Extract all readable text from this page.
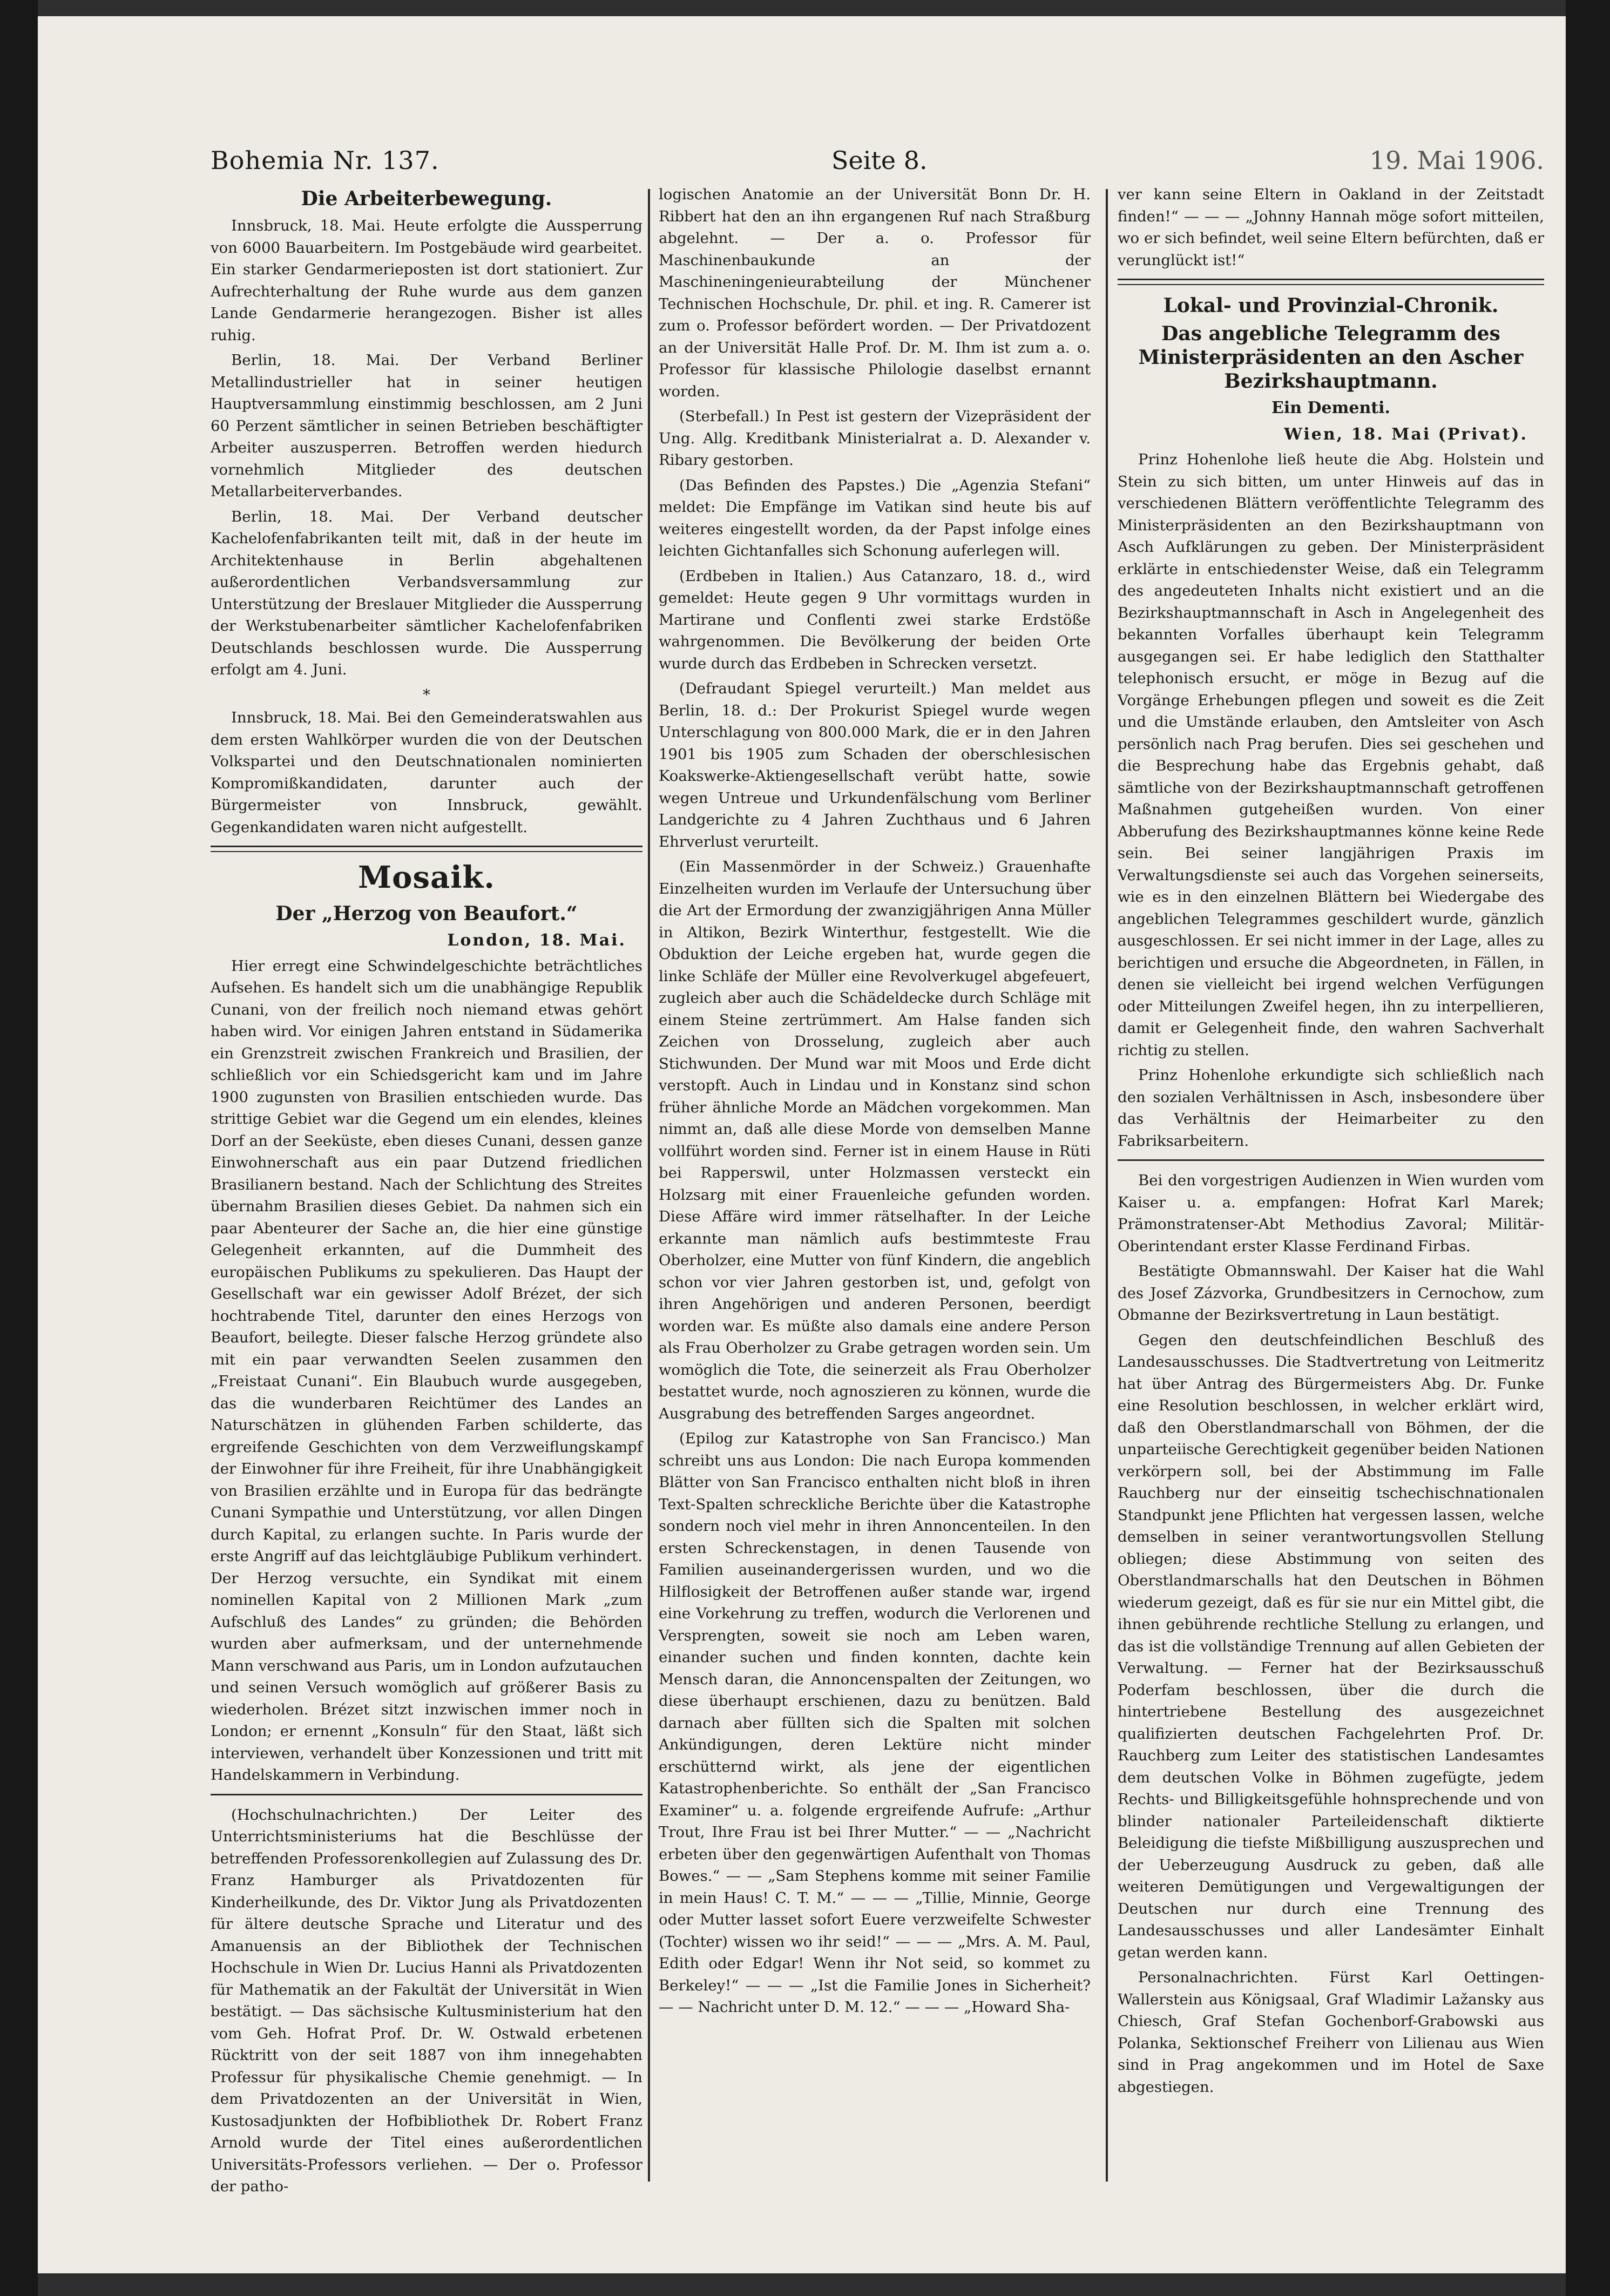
Bohemia Nr. 137.	Seite 8.	19. Mai 1906.
Die Arbeiterbewegung.

Innsbruck, 18. Mai. Heute erfolgte die Aussperrung von 6000 Bauarbeitern. Im Postgebäude wird gearbeitet. Ein starker Gendarmerieposten ist dort stationiert. Zur Aufrechterhaltung der Ruhe wurde aus dem ganzen Lande Gendarmerie herangezogen. Bisher ist alles ruhig.

Berlin, 18. Mai. Der Verband Berliner Metallindustrieller hat in seiner heutigen Hauptversammlung einstimmig beschlossen, am 2 Juni 60 Perzent sämtlicher in seinen Betrieben beschäftigter Arbeiter auszusperren. Betroffen werden hiedurch vornehmlich Mitglieder des deutschen Metallarbeiterverbandes.

Berlin, 18. Mai. Der Verband deutscher Kachelofenfabrikanten teilt mit, daß in der heute im Architektenhause in Berlin abgehaltenen außerordentlichen Verbandsversammlung zur Unterstützung der Breslauer Mitglieder die Aussperrung der Werkstubenarbeiter sämtlicher Kachelofenfabriken Deutschlands beschlossen wurde. Die Aussperrung erfolgt am 4. Juni.

*

Innsbruck, 18. Mai. Bei den Gemeinderatswahlen aus dem ersten Wahlkörper wurden die von der Deutschen Volkspartei und den Deutschnationalen nominierten Kompromißkandidaten, darunter auch der Bürgermeister von Innsbruck, gewählt. Gegenkandidaten waren nicht aufgestellt.

Mosaik.
Der „Herzog von Beaufort.“
London, 18. Mai.

Hier erregt eine Schwindelgeschichte beträchtliches Aufsehen. Es handelt sich um die unabhängige Republik Cunani, von der freilich noch niemand etwas gehört haben wird. Vor einigen Jahren entstand in Südamerika ein Grenzstreit zwischen Frankreich und Brasilien, der schließlich vor ein Schiedsgericht kam und im Jahre 1900 zugunsten von Brasilien entschieden wurde. Das strittige Gebiet war die Gegend um ein elendes, kleines Dorf an der Seeküste, eben dieses Cunani, dessen ganze Einwohnerschaft aus ein paar Dutzend friedlichen Brasilianern bestand. Nach der Schlichtung des Streites übernahm Brasilien dieses Gebiet. Da nahmen sich ein paar Abenteurer der Sache an, die hier eine günstige Gelegenheit erkannten, auf die Dummheit des europäischen Publikums zu spekulieren. Das Haupt der Gesellschaft war ein gewisser Adolf Brézet, der sich hochtrabende Titel, darunter den eines Herzogs von Beaufort, beilegte. Dieser falsche Herzog gründete also mit ein paar verwandten Seelen zusammen den „Freistaat Cunani“. Ein Blaubuch wurde ausgegeben, das die wunderbaren Reichtümer des Landes an Naturschätzen in glühenden Farben schilderte, das ergreifende Geschichten von dem Verzweiflungskampf der Einwohner für ihre Freiheit, für ihre Unabhängigkeit von Brasilien erzählte und in Europa für das bedrängte Cunani Sympathie und Unterstützung, vor allen Dingen durch Kapital, zu erlangen suchte. In Paris wurde der erste Angriff auf das leichtgläubige Publikum verhindert. Der Herzog versuchte, ein Syndikat mit einem nominellen Kapital von 2 Millionen Mark „zum Aufschluß des Landes“ zu gründen; die Behörden wurden aber aufmerksam, und der unternehmende Mann verschwand aus Paris, um in London aufzutauchen und seinen Versuch womöglich auf größerer Basis zu wiederholen. Brézet sitzt inzwischen immer noch in London; er ernennt „Konsuln“ für den Staat, läßt sich interviewen, verhandelt über Konzessionen und tritt mit Handelskammern in Verbindung.

(Hochschulnachrichten.) Der Leiter des Unterrichtsministeriums hat die Beschlüsse der betreffenden Professorenkollegien auf Zulassung des Dr. Franz Hamburger als Privatdozenten für Kinderheilkunde, des Dr. Viktor Jung als Privatdozenten für ältere deutsche Sprache und Literatur und des Amanuensis an der Bibliothek der Technischen Hochschule in Wien Dr. Lucius Hanni als Privatdozenten für Mathematik an der Fakultät der Universität in Wien bestätigt. — Das sächsische Kultusministerium hat den vom Geh. Hofrat Prof. Dr. W. Ostwald erbetenen Rücktritt von der seit 1887 von ihm innegehabten Professur für physikalische Chemie genehmigt. — In dem Privatdozenten an der Universität in Wien, Kustosadjunkten der Hofbibliothek Dr. Robert Franz Arnold wurde der Titel eines außerordentlichen Universitäts-Professors verliehen. — Der o. Professor der patho-

logischen Anatomie an der Universität Bonn Dr. H. Ribbert hat den an ihn ergangenen Ruf nach Straßburg abgelehnt. — Der a. o. Professor für Maschinenbaukunde an der Maschineningenieurabteilung der Münchener Technischen Hochschule, Dr. phil. et ing. R. Camerer ist zum o. Professor befördert worden. — Der Privatdozent an der Universität Halle Prof. Dr. M. Ihm ist zum a. o. Professor für klassische Philologie daselbst ernannt worden.

(Sterbefall.) In Pest ist gestern der Vizepräsident der Ung. Allg. Kreditbank Ministerialrat a. D. Alexander v. Ribary gestorben.

(Das Befinden des Papstes.) Die „Agenzia Stefani“ meldet: Die Empfänge im Vatikan sind heute bis auf weiteres eingestellt worden, da der Papst infolge eines leichten Gichtanfalles sich Schonung auferlegen will.

(Erdbeben in Italien.) Aus Catanzaro, 18. d., wird gemeldet: Heute gegen 9 Uhr vormittags wurden in Martirane und Conflenti zwei starke Erdstöße wahrgenommen. Die Bevölkerung der beiden Orte wurde durch das Erdbeben in Schrecken versetzt.

(Defraudant Spiegel verurteilt.) Man meldet aus Berlin, 18. d.: Der Prokurist Spiegel wurde wegen Unterschlagung von 800.000 Mark, die er in den Jahren 1901 bis 1905 zum Schaden der oberschlesischen Koakswerke-Aktiengesellschaft verübt hatte, sowie wegen Untreue und Urkundenfälschung vom Berliner Landgerichte zu 4 Jahren Zuchthaus und 6 Jahren Ehrverlust verurteilt.

(Ein Massenmörder in der Schweiz.) Grauenhafte Einzelheiten wurden im Verlaufe der Untersuchung über die Art der Ermordung der zwanzigjährigen Anna Müller in Altikon, Bezirk Winterthur, festgestellt. Wie die Obduktion der Leiche ergeben hat, wurde gegen die linke Schläfe der Müller eine Revolverkugel abgefeuert, zugleich aber auch die Schädeldecke durch Schläge mit einem Steine zertrümmert. Am Halse fanden sich Zeichen von Drosselung, zugleich aber auch Stichwunden. Der Mund war mit Moos und Erde dicht verstopft. Auch in Lindau und in Konstanz sind schon früher ähnliche Morde an Mädchen vorgekommen. Man nimmt an, daß alle diese Morde von demselben Manne vollführt worden sind. Ferner ist in einem Hause in Rüti bei Rapperswil, unter Holzmassen versteckt ein Holzsarg mit einer Frauenleiche gefunden worden. Diese Affäre wird immer rätselhafter. In der Leiche erkannte man nämlich aufs bestimmteste Frau Oberholzer, eine Mutter von fünf Kindern, die angeblich schon vor vier Jahren gestorben ist, und, gefolgt von ihren Angehörigen und anderen Personen, beerdigt worden war. Es müßte also damals eine andere Person als Frau Oberholzer zu Grabe getragen worden sein. Um womöglich die Tote, die seinerzeit als Frau Oberholzer bestattet wurde, noch agnoszieren zu können, wurde die Ausgrabung des betreffenden Sarges angeordnet.

(Epilog zur Katastrophe von San Francisco.) Man schreibt uns aus London: Die nach Europa kommenden Blätter von San Francisco enthalten nicht bloß in ihren Text-Spalten schreckliche Berichte über die Katastrophe sondern noch viel mehr in ihren Annoncenteilen. In den ersten Schreckenstagen, in denen Tausende von Familien auseinandergerissen wurden, und wo die Hilflosigkeit der Betroffenen außer stande war, irgend eine Vorkehrung zu treffen, wodurch die Verlorenen und Versprengten, soweit sie noch am Leben waren, einander suchen und finden konnten, dachte kein Mensch daran, die Annoncenspalten der Zeitungen, wo diese überhaupt erschienen, dazu zu benützen. Bald darnach aber füllten sich die Spalten mit solchen Ankündigungen, deren Lektüre nicht minder erschütternd wirkt, als jene der eigentlichen Katastrophenberichte. So enthält der „San Francisco Examiner“ u. a. folgende ergreifende Aufrufe: „Arthur Trout, Ihre Frau ist bei Ihrer Mutter.“ — — „Nachricht erbeten über den gegenwärtigen Aufenthalt von Thomas Bowes.“ — — „Sam Stephens komme mit seiner Familie in mein Haus! C. T. M.“ — — — „Tillie, Minnie, George oder Mutter lasset sofort Euere verzweifelte Schwester (Tochter) wissen wo ihr seid!“ — — — „Mrs. A. M. Paul, Edith oder Edgar! Wenn ihr Not seid, so kommet zu Berkeley!“ — — — „Ist die Familie Jones in Sicherheit? — — Nachricht unter D. M. 12.“ — — — „Howard Sha-

ver kann seine Eltern in Oakland in der Zeitstadt finden!“ — — — „Johnny Hannah möge sofort mitteilen, wo er sich befindet, weil seine Eltern befürchten, daß er verunglückt ist!“

Lokal- und Provinzial-Chronik.
Das angebliche Telegramm des Ministerpräsidenten an den Ascher Bezirkshauptmann.
Ein Dementi.
Wien, 18. Mai (Privat).

Prinz Hohenlohe ließ heute die Abg. Holstein und Stein zu sich bitten, um unter Hinweis auf das in verschiedenen Blättern veröffentlichte Telegramm des Ministerpräsidenten an den Bezirkshauptmann von Asch Aufklärungen zu geben. Der Ministerpräsident erklärte in entschiedenster Weise, daß ein Telegramm des angedeuteten Inhalts nicht existiert und an die Bezirkshauptmannschaft in Asch in Angelegenheit des bekannten Vorfalles überhaupt kein Telegramm ausgegangen sei. Er habe lediglich den Statthalter telephonisch ersucht, er möge in Bezug auf die Vorgänge Erhebungen pflegen und soweit es die Zeit und die Umstände erlauben, den Amtsleiter von Asch persönlich nach Prag berufen. Dies sei geschehen und die Besprechung habe das Ergebnis gehabt, daß sämtliche von der Bezirkshauptmannschaft getroffenen Maßnahmen gutgeheißen wurden. Von einer Abberufung des Bezirkshauptmannes könne keine Rede sein. Bei seiner langjährigen Praxis im Verwaltungsdienste sei auch das Vorgehen seinerseits, wie es in den einzelnen Blättern bei Wiedergabe des angeblichen Telegrammes geschildert wurde, gänzlich ausgeschlossen. Er sei nicht immer in der Lage, alles zu berichtigen und ersuche die Abgeordneten, in Fällen, in denen sie vielleicht bei irgend welchen Verfügungen oder Mitteilungen Zweifel hegen, ihn zu interpellieren, damit er Gelegenheit finde, den wahren Sachverhalt richtig zu stellen.

Prinz Hohenlohe erkundigte sich schließlich nach den sozialen Verhältnissen in Asch, insbesondere über das Verhältnis der Heimarbeiter zu den Fabriksarbeitern.

Bei den vorgestrigen Audienzen in Wien wurden vom Kaiser u. a. empfangen: Hofrat Karl Marek; Prämonstratenser-Abt Methodius Zavoral; Militär-Oberintendant erster Klasse Ferdinand Firbas.

Bestätigte Obmannswahl. Der Kaiser hat die Wahl des Josef Zázvorka, Grundbesitzers in Cernochow, zum Obmanne der Bezirksvertretung in Laun bestätigt.

Gegen den deutschfeindlichen Beschluß des Landesausschusses. Die Stadtvertretung von Leitmeritz hat über Antrag des Bürgermeisters Abg. Dr. Funke eine Resolution beschlossen, in welcher erklärt wird, daß den Oberstlandmarschall von Böhmen, der die unparteiische Gerechtigkeit gegenüber beiden Nationen verkörpern soll, bei der Abstimmung im Falle Rauchberg nur der einseitig tschechischnationalen Standpunkt jene Pflichten hat vergessen lassen, welche demselben in seiner verantwortungsvollen Stellung obliegen; diese Abstimmung von seiten des Oberstlandmarschalls hat den Deutschen in Böhmen wiederum gezeigt, daß es für sie nur ein Mittel gibt, die ihnen gebührende rechtliche Stellung zu erlangen, und das ist die vollständige Trennung auf allen Gebieten der Verwaltung. — Ferner hat der Bezirksausschuß Poderfam beschlossen, über die durch die hintertriebene Bestellung des ausgezeichnet qualifizierten deutschen Fachgelehrten Prof. Dr. Rauchberg zum Leiter des statistischen Landesamtes dem deutschen Volke in Böhmen zugefügte, jedem Rechts- und Billigkeitsgefühle hohnsprechende und von blinder nationaler Parteileidenschaft diktierte Beleidigung die tiefste Mißbilligung auszusprechen und der Ueberzeugung Ausdruck zu geben, daß alle weiteren Demütigungen und Vergewaltigungen der Deutschen nur durch eine Trennung des Landesausschusses und aller Landesämter Einhalt getan werden kann.

Personalnachrichten. Fürst Karl Oettingen-Wallerstein aus Königsaal, Graf Wladimir Lažansky aus Chiesch, Graf Stefan Gochenborf-Grabowski aus Polanka, Sektionschef Freiherr von Lilienau aus Wien sind in Prag angekommen und im Hotel de Saxe abgestiegen.
